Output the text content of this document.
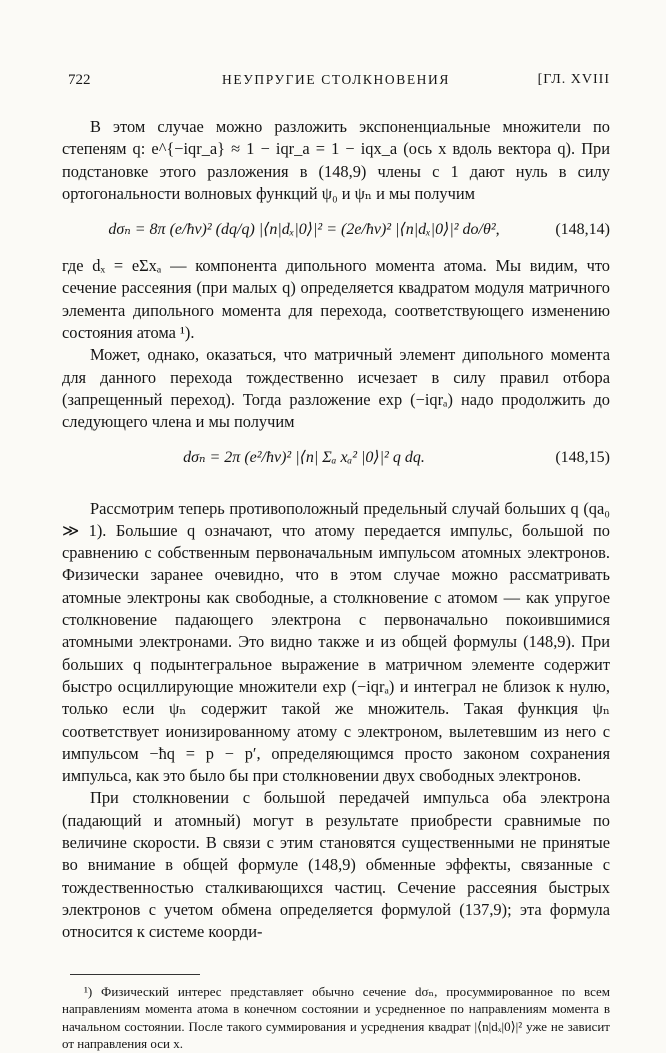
722	НЕУПРУГИЕ СТОЛКНОВЕНИЯ	[ГЛ. XVIII

В этом случае можно разложить экспоненциальные множители по степеням q: e^{−iqr_a} ≈ 1 − iqr_a = 1 − iqx_a (ось x вдоль вектора q). При подстановке этого разложения в (148,9) члены с 1 дают нуль в силу ортогональности волновых функций ψ₀ и ψₙ и мы получим

dσₙ = 8π (e/ħv)² (dq/q) |⟨n|dₓ|0⟩|² = (2e/ħv)² |⟨n|dₓ|0⟩|² do/θ²,	(148,14)

где dₓ = eΣxₐ — компонента дипольного момента атома. Мы видим, что сечение рассеяния (при малых q) определяется квадратом модуля матричного элемента дипольного момента для перехода, соответствующего изменению состояния атома ¹).

Может, однако, оказаться, что матричный элемент дипольного момента для данного перехода тождественно исчезает в силу правил отбора (запрещенный переход). Тогда разложение exp (−iqrₐ) надо продолжить до следующего члена и мы получим

dσₙ = 2π (e²/ħv)² |⟨n| Σₐ xₐ² |0⟩|² q dq.	(148,15)

Рассмотрим теперь противоположный предельный случай больших q (qa₀ ≫ 1). Большие q означают, что атому передается импульс, большой по сравнению с собственным первоначальным импульсом атомных электронов. Физически заранее очевидно, что в этом случае можно рассматривать атомные электроны как свободные, а столкновение с атомом — как упругое столкновение падающего электрона с первоначально покоившимися атомными электронами. Это видно также и из общей формулы (148,9). При больших q подынтегральное выражение в матричном элементе содержит быстро осциллирующие множители exp (−iqrₐ) и интеграл не близок к нулю, только если ψₙ содержит такой же множитель. Такая функция ψₙ соответствует ионизированному атому с электроном, вылетевшим из него с импульсом −ħq = p − p′, определяющимся просто законом сохранения импульса, как это было бы при столкновении двух свободных электронов.

При столкновении с большой передачей импульса оба электрона (падающий и атомный) могут в результате приобрести сравнимые по величине скорости. В связи с этим становятся существенными не принятые во внимание в общей формуле (148,9) обменные эффекты, связанные с тождественностью сталкивающихся частиц. Сечение рассеяния быстрых электронов с учетом обмена определяется формулой (137,9); эта формула относится к системе коорди-

¹) Физический интерес представляет обычно сечение dσₙ, просуммированное по всем направлениям момента атома в конечном состоянии и усредненное по направлениям момента в начальном состоянии. После такого суммирования и усреднения квадрат |⟨n|dₓ|0⟩|² уже не зависит от направления оси x.
